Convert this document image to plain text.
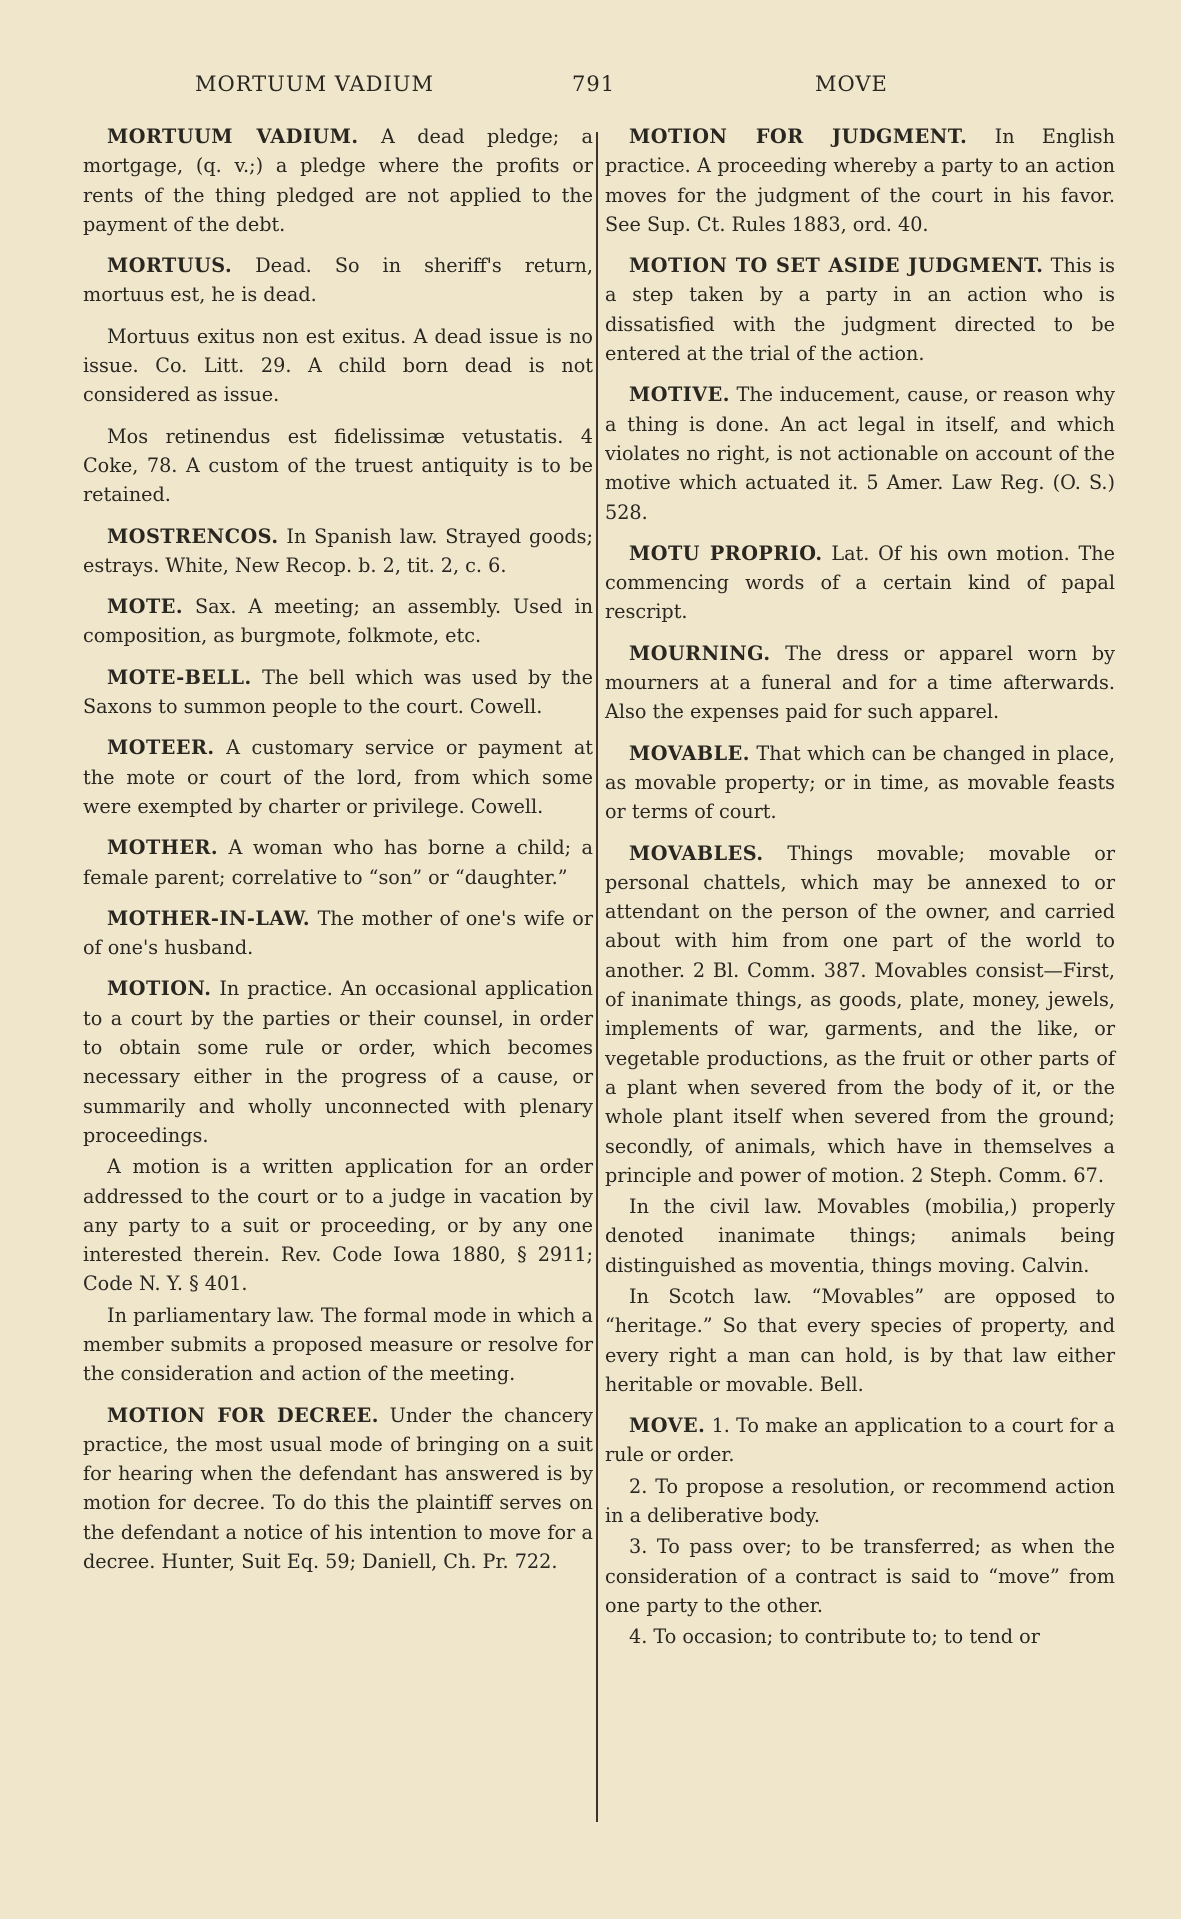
MORTUUM VADIUM	791	MOVE

MORTUUM VADIUM. A dead pledge; a mortgage, (q. v.;) a pledge where the profits or rents of the thing pledged are not applied to the payment of the debt.

MORTUUS. Dead. So in sheriff's return, mortuus est, he is dead.

Mortuus exitus non est exitus. A dead issue is no issue. Co. Litt. 29. A child born dead is not considered as issue.

Mos retinendus est fidelissimæ vetustatis. 4 Coke, 78. A custom of the truest antiquity is to be retained.

MOSTRENCOS. In Spanish law. Strayed goods; estrays. White, New Recop. b. 2, tit. 2, c. 6.

MOTE. Sax. A meeting; an assembly. Used in composition, as burgmote, folkmote, etc.

MOTE-BELL. The bell which was used by the Saxons to summon people to the court. Cowell.

MOTEER. A customary service or payment at the mote or court of the lord, from which some were exempted by charter or privilege. Cowell.

MOTHER. A woman who has borne a child; a female parent; correlative to “son” or “daughter.”

MOTHER-IN-LAW. The mother of one's wife or of one's husband.

MOTION. In practice. An occasional application to a court by the parties or their counsel, in order to obtain some rule or order, which becomes necessary either in the progress of a cause, or summarily and wholly unconnected with plenary proceedings.

A motion is a written application for an order addressed to the court or to a judge in vacation by any party to a suit or proceeding, or by any one interested therein. Rev. Code Iowa 1880, § 2911; Code N. Y. § 401.

In parliamentary law. The formal mode in which a member submits a proposed measure or resolve for the consideration and action of the meeting.

MOTION FOR DECREE. Under the chancery practice, the most usual mode of bringing on a suit for hearing when the defendant has answered is by motion for decree. To do this the plaintiff serves on the defendant a notice of his intention to move for a decree. Hunter, Suit Eq. 59; Daniell, Ch. Pr. 722.

MOTION FOR JUDGMENT. In English practice. A proceeding whereby a party to an action moves for the judgment of the court in his favor. See Sup. Ct. Rules 1883, ord. 40.

MOTION TO SET ASIDE JUDGMENT. This is a step taken by a party in an action who is dissatisfied with the judgment directed to be entered at the trial of the action.

MOTIVE. The inducement, cause, or reason why a thing is done. An act legal in itself, and which violates no right, is not actionable on account of the motive which actuated it. 5 Amer. Law Reg. (O. S.) 528.

MOTU PROPRIO. Lat. Of his own motion. The commencing words of a certain kind of papal rescript.

MOURNING. The dress or apparel worn by mourners at a funeral and for a time afterwards. Also the expenses paid for such apparel.

MOVABLE. That which can be changed in place, as movable property; or in time, as movable feasts or terms of court.

MOVABLES. Things movable; movable or personal chattels, which may be annexed to or attendant on the person of the owner, and carried about with him from one part of the world to another. 2 Bl. Comm. 387. Movables consist—First, of inanimate things, as goods, plate, money, jewels, implements of war, garments, and the like, or vegetable productions, as the fruit or other parts of a plant when severed from the body of it, or the whole plant itself when severed from the ground; secondly, of animals, which have in themselves a principle and power of motion. 2 Steph. Comm. 67.

In the civil law. Movables (mobilia,) properly denoted inanimate things; animals being distinguished as moventia, things moving. Calvin.

In Scotch law. “Movables” are opposed to “heritage.” So that every species of property, and every right a man can hold, is by that law either heritable or movable. Bell.

MOVE. 1. To make an application to a court for a rule or order.

2. To propose a resolution, or recommend action in a deliberative body.

3. To pass over; to be transferred; as when the consideration of a contract is said to “move” from one party to the other.

4. To occasion; to contribute to; to tend or
